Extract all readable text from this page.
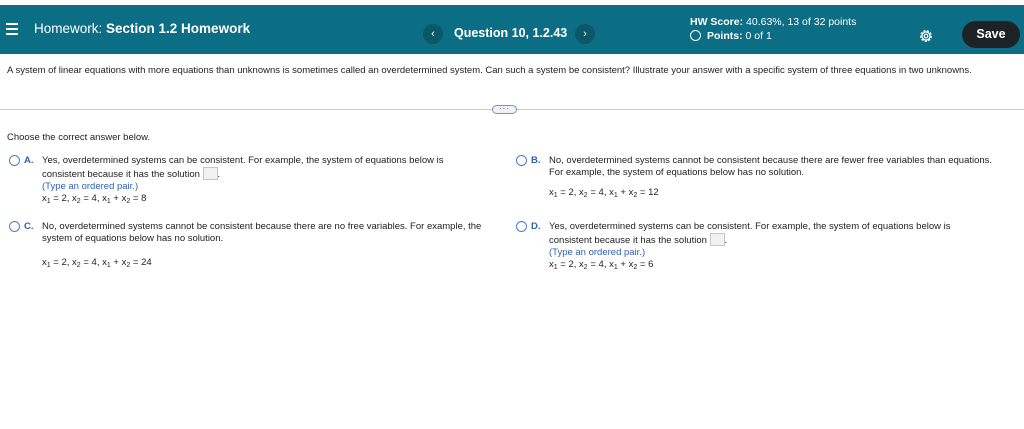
Homework: Section 1.2 Homework	‹	Question 10, 1.2.43	›
HW Score: 40.63%, 13 of 32 points
Points: 0 of 1	Save
A system of linear equations with more equations than unknowns is sometimes called an overdetermined system. Can such a system be consistent? Illustrate your answer with a specific system of three equations in two unknowns.
···
Choose the correct answer below.
A. Yes, overdetermined systems can be consistent. For example, the system of equations below is
consistent because it has the solution .
(Type an ordered pair.)
$x_1 = 2$, $x_2 = 4$, $x_1 + x_2 = 8$
B. No, overdetermined systems cannot be consistent because there are fewer free variables than equations.
For example, the system of equations below has no solution.
$x_1 = 2$, $x_2 = 4$, $x_1 + x_2 = 12$
C. No, overdetermined systems cannot be consistent because there are no free variables. For example, the
system of equations below has no solution.
$x_1 = 2$, $x_2 = 4$, $x_1 + x_2 = 24$
D. Yes, overdetermined systems can be consistent. For example, the system of equations below is
consistent because it has the solution .
(Type an ordered pair.)
$x_1 = 2$, $x_2 = 4$, $x_1 + x_2 = 6$
